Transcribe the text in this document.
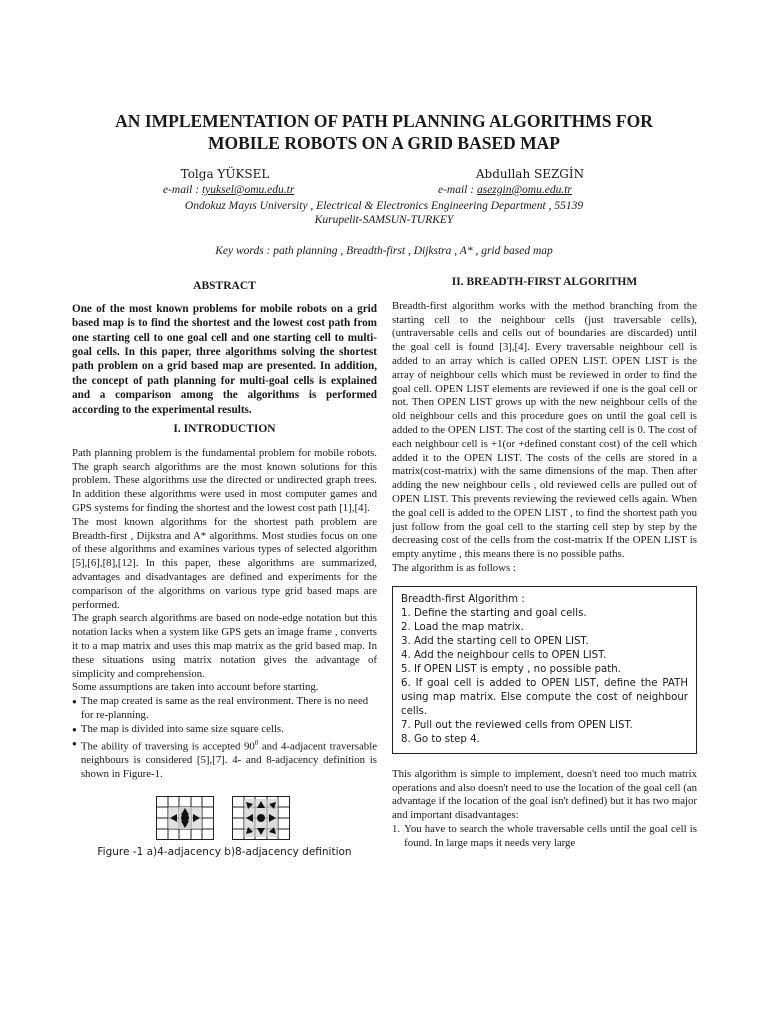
AN IMPLEMENTATION OF PATH PLANNING ALGORITHMS FOR
MOBILE ROBOTS ON A GRID BASED MAP
Tolga YÜKSEL	Abdullah SEZGİN
e-mail : tyuksel@omu.edu.tr	e-mail : asezgin@omu.edu.tr
Ondokuz Mayıs University , Electrical & Electronics Engineering Department , 55139
Kurupelit-SAMSUN-TURKEY
Key words : path planning , Breadth-first , Dijkstra , A* , grid based map
ABSTRACT

One of the most known problems for mobile robots on a grid based map is to find the shortest and the lowest cost path from one starting cell to one goal cell and one starting cell to multi-goal cells. In this paper, three algorithms solving the shortest path problem on a grid based map are presented. In addition, the concept of path planning for multi-goal cells is explained and a comparison among the algorithms is performed according to the experimental results.

I. INTRODUCTION

Path planning problem is the fundamental problem for mobile robots. The graph search algorithms are the most known solutions for this problem. These algorithms use the directed or undirected graph trees. In addition these algorithms were used in most computer games and GPS systems for finding the shortest and the lowest cost path [1],[4].

The most known algorithms for the shortest path problem are Breadth-first , Dijkstra and A* algorithms. Most studies focus on one of these algorithms and examines various types of selected algorithm [5],[6],[8],[12]. In this paper, these algorithms are summarized, advantages and disadvantages are defined and experiments for the comparison of the algorithms on various type grid based maps are performed.

The graph search algorithms are based on node-edge notation but this notation lacks when a system like GPS gets an image frame , converts it to a map matrix and uses this map matrix as the grid based map. In these situations using matrix notation gives the advantage of simplicity and comprehension.

Some assumptions are taken into account before starting.

● The map created is same as the real environment. There is no need for re-planning.
● The map is divided into same size square cells.
● The ability of traversing is accepted $90^0$ and 4-adjacent traversable neighbours is considered [5],[7]. 4- and 8-adjacency definition is shown in Figure-1.
Figure -1 a)4-adjacency b)8-adjacency definition
II. BREADTH-FIRST ALGORITHM

Breadth-first algorithm works with the method branching from the starting cell to the neighbour cells (just traversable cells), (untraversable cells and cells out of boundaries are discarded) until the goal cell is found [3],[4]. Every traversable neighbour cell is added to an array which is called OPEN LIST. OPEN LIST is the array of neighbour cells which must be reviewed in order to find the goal cell. OPEN LIST elements are reviewed if one is the goal cell or not. Then OPEN LIST grows up with the new neighbour cells of the old neighbour cells and this procedure goes on until the goal cell is added to the OPEN LIST. The cost of the starting cell is 0. The cost of each neighbour cell is +1(or +defined constant cost) of the cell which added it to the OPEN LIST. The costs of the cells are stored in a matrix(cost-matrix) with the same dimensions of the map. Then after adding the new neighbour cells , old reviewed cells are pulled out of OPEN LIST. This prevents reviewing the reviewed cells again. When the goal cell is added to the OPEN LIST , to find the shortest path you just follow from the goal cell to the starting cell step by step by the decreasing cost of the cells from the cost-matrix If the OPEN LIST is empty anytime , this means there is no possible paths.

The algorithm is as follows :

Breadth-first Algorithm :
1. Define the starting and goal cells.
2. Load the map matrix.
3. Add the starting cell to OPEN LIST.
4. Add the neighbour cells to OPEN LIST.
5. If OPEN LIST is empty , no possible path.
6. If goal cell is added to OPEN LIST, define the PATH using map matrix. Else compute the cost of neighbour cells.
7. Pull out the reviewed cells from OPEN LIST.
8. Go to step 4.

This algorithm is simple to implement, doesn't need too much matrix operations and also doesn't need to use the location of the goal cell (an advantage if the location of the goal isn't defined) but it has two major and important disadvantages:

1. You have to search the whole traversable cells until the goal cell is found. In large maps it needs very large
